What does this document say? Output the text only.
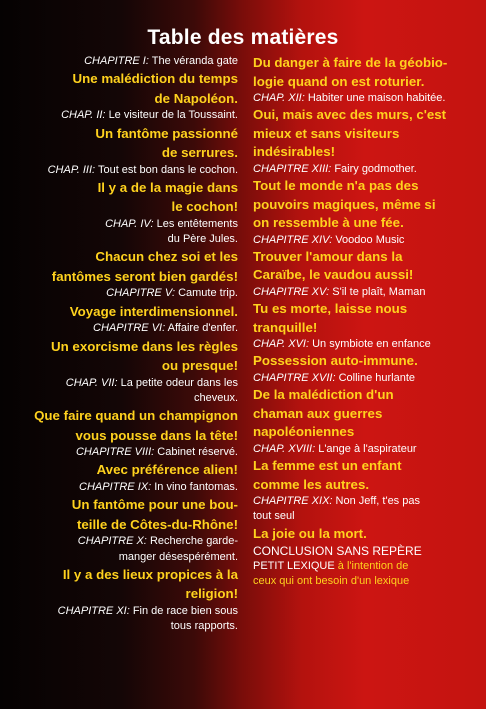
Table des matières

CHAPITRE I: The véranda gate

Une malédiction du temps
de Napoléon.

CHAP. II: Le visiteur de la Toussaint.

Un fantôme passionné
de serrures.

CHAP. III: Tout est bon dans le cochon.

Il y a de la magie dans
le cochon!

CHAP. IV: Les entêtements
du Père Jules.

Chacun chez soi et les
fantômes seront bien gardés!

CHAPITRE V: Camute trip.

Voyage interdimensionnel.

CHAPITRE VI: Affaire d'enfer.

Un exorcisme dans les règles
ou presque!

CHAP. VII: La petite odeur dans les
cheveux.

Que faire quand un champignon
vous pousse dans la tête!

CHAPITRE VIII: Cabinet réservé.

Avec préférence alien!

CHAPITRE IX: In vino fantomas.

Un fantôme pour une bou-
teille de Côtes-du-Rhône!

CHAPITRE X: Recherche garde-
manger désespérément.

Il y a des lieux propices à la
religion!

CHAPITRE XI: Fin de race bien sous
tous rapports.

Du danger à faire de la géobio-
logie quand on est roturier.

CHAP. XII: Habiter une maison habitée.

Oui, mais avec des murs, c'est
mieux et sans visiteurs
indésirables!

CHAPITRE XIII: Fairy godmother.

Tout le monde n'a pas des
pouvoirs magiques, même si
on ressemble à une fée.

CHAPITRE XIV: Voodoo Music

Trouver l'amour dans la
Caraïbe, le vaudou aussi!

CHAPITRE XV: S'il te plaît, Maman

Tu es morte, laisse nous
tranquille!

CHAP. XVI: Un symbiote en enfance

Possession auto-immune.

CHAPITRE XVII: Colline hurlante

De la malédiction d'un
chaman aux guerres
napoléoniennes

CHAP. XVIII: L'ange à l'aspirateur

La femme est un enfant
comme les autres.

CHAPITRE XIX: Non Jeff, t'es pas
tout seul

La joie ou la mort.

CONCLUSION SANS REPÈRE

PETIT LEXIQUE à l'intention de
ceux qui ont besoin d'un lexique
